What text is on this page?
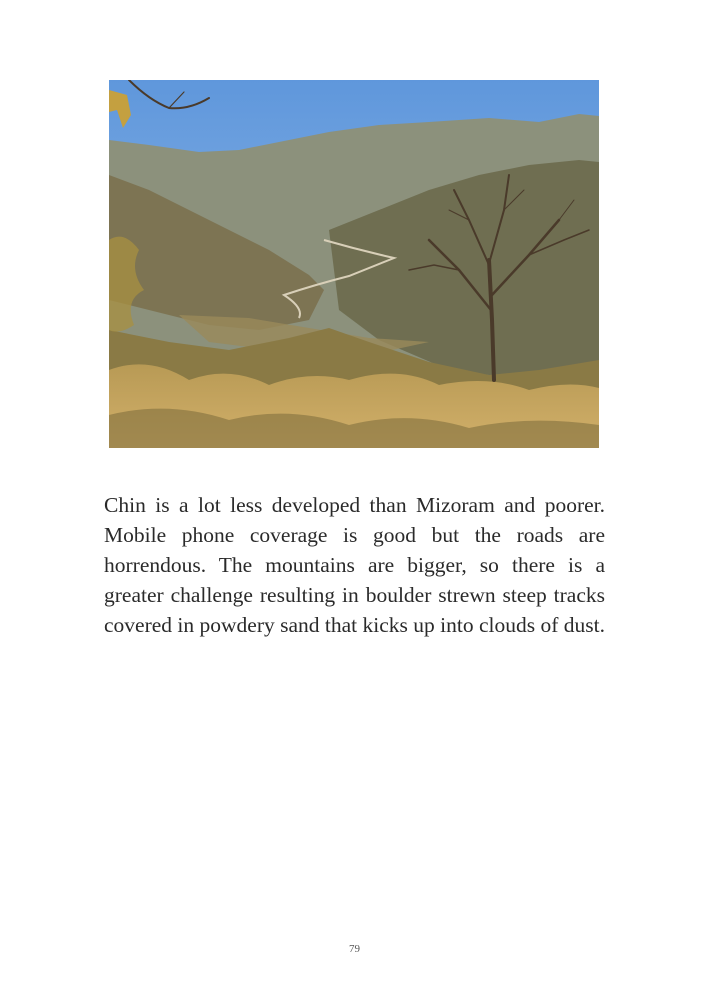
Chin is a lot less developed than Mizoram and poorer. Mobile phone coverage is good but the roads are horrendous. The mountains are bigger, so there is a greater challenge resulting in boulder strewn steep tracks covered in powdery sand that kicks up into clouds of dust.

79
